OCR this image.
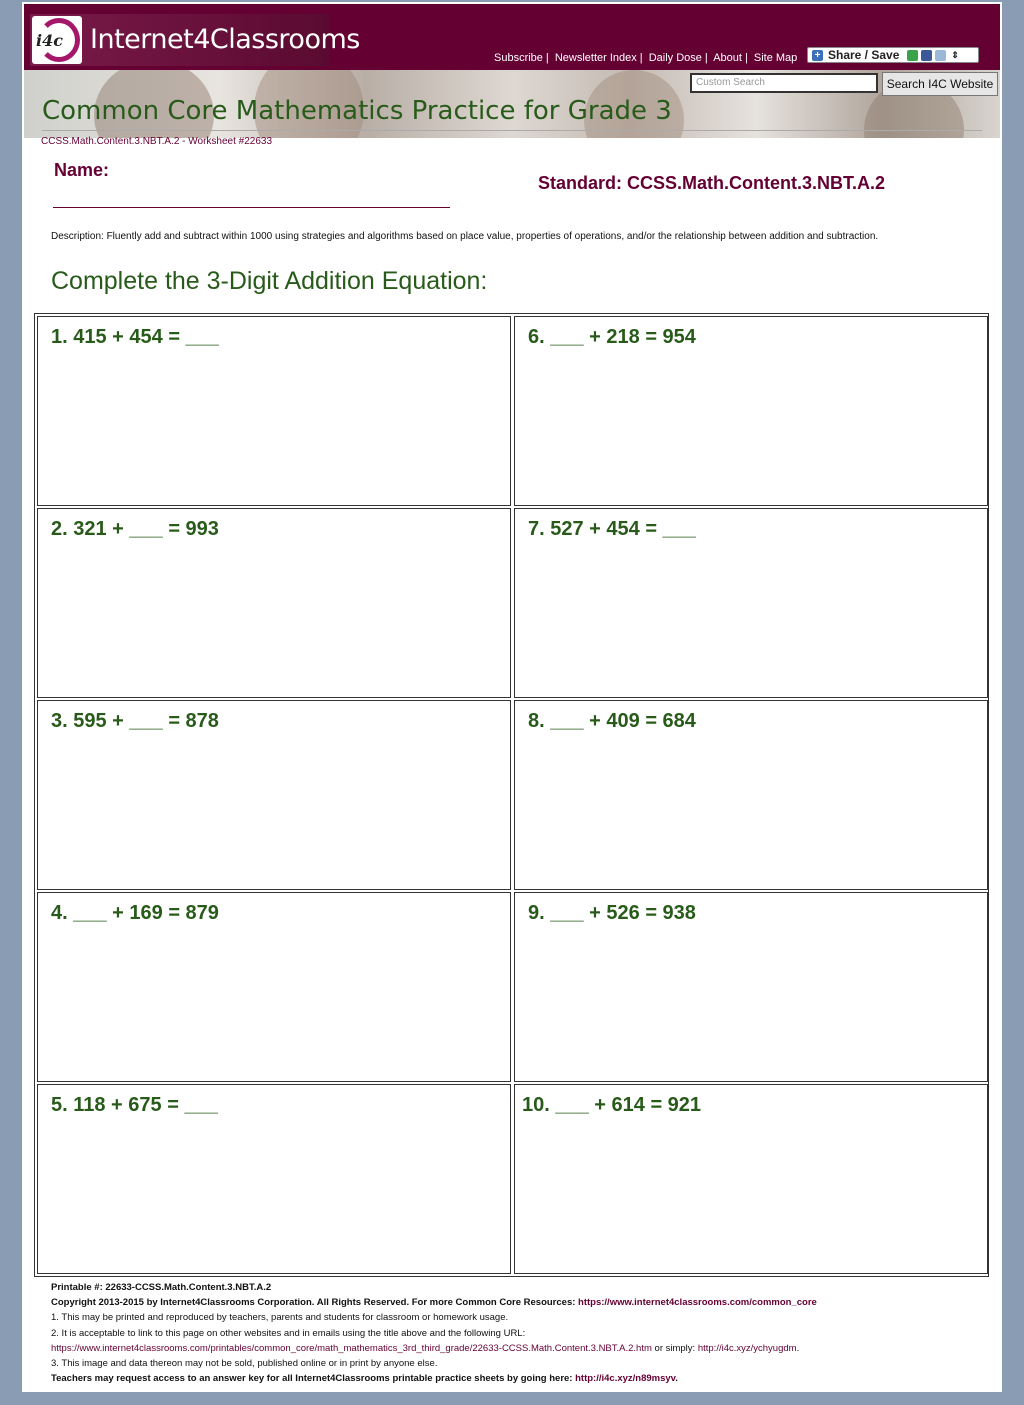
i4c Internet4Classrooms
Subscribe | Newsletter Index | Daily Dose | About | Site Map + Share / Save	⇕
Custom Search	Search I4C Website
Common Core Mathematics Practice for Grade 3
CCSS.Math.Content.3.NBT.A.2 - Worksheet #22633
Name:
Standard: CCSS.Math.Content.3.NBT.A.2
Description: Fluently add and subtract within 1000 using strategies and algorithms based on place value, properties of operations, and/or the relationship between addition and subtraction.
Complete the 3-Digit Addition Equation:
1. 415 + 454 = ___	6. ___ + 218 = 954
2. 321 + ___ = 993	7. 527 + 454 = ___
3. 595 + ___ = 878	8. ___ + 409 = 684
4. ___ + 169 = 879	9. ___ + 526 = 938
5. 118 + 675 = ___	10. ___ + 614 = 921
Printable #: 22633-CCSS.Math.Content.3.NBT.A.2
Copyright 2013-2015 by Internet4Classrooms Corporation. All Rights Reserved. For more Common Core Resources: https://www.internet4classrooms.com/common_core
1. This may be printed and reproduced by teachers, parents and students for classroom or homework usage.
2. It is acceptable to link to this page on other websites and in emails using the title above and the following URL:
https://www.internet4classrooms.com/printables/common_core/math_mathematics_3rd_third_grade/22633-CCSS.Math.Content.3.NBT.A.2.htm or simply: http://i4c.xyz/ychyugdm.
3. This image and data thereon may not be sold, published online or in print by anyone else.
Teachers may request access to an answer key for all Internet4Classrooms printable practice sheets by going here: http://i4c.xyz/n89msyv.
